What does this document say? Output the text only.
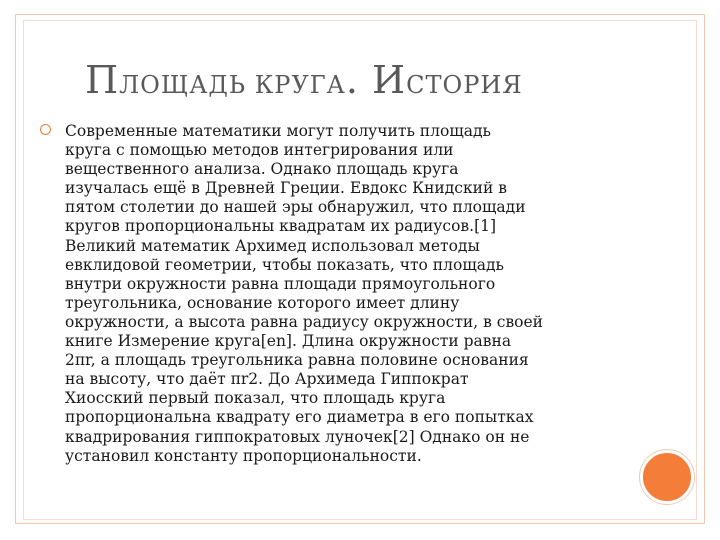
ПЛОЩАДЬ КРУГА. ИСТОРИЯ
Современные математики могут получить площадь
круга с помощью методов интегрирования или
вещественного анализа. Однако площадь круга
изучалась ещё в Древней Греции. Евдокс Книдский в
пятом столетии до нашей эры обнаружил, что площади
кругов пропорциональны квадратам их радиусов.[1]
Великий математик Архимед использовал методы
евклидовой геометрии, чтобы показать, что площадь
внутри окружности равна площади прямоугольного
треугольника, основание которого имеет длину
окружности, а высота равна радиусу окружности, в своей
книге Измерение круга[en]. Длина окружности равна
2πr, а площадь треугольника равна половине основания
на высоту, что даёт πr2. До Архимеда Гиппократ
Хиосский первый показал, что площадь круга
пропорциональна квадрату его диаметра в его попытках
квадрирования гиппократовых луночек[2] Однако он не
установил константу пропорциональности.
